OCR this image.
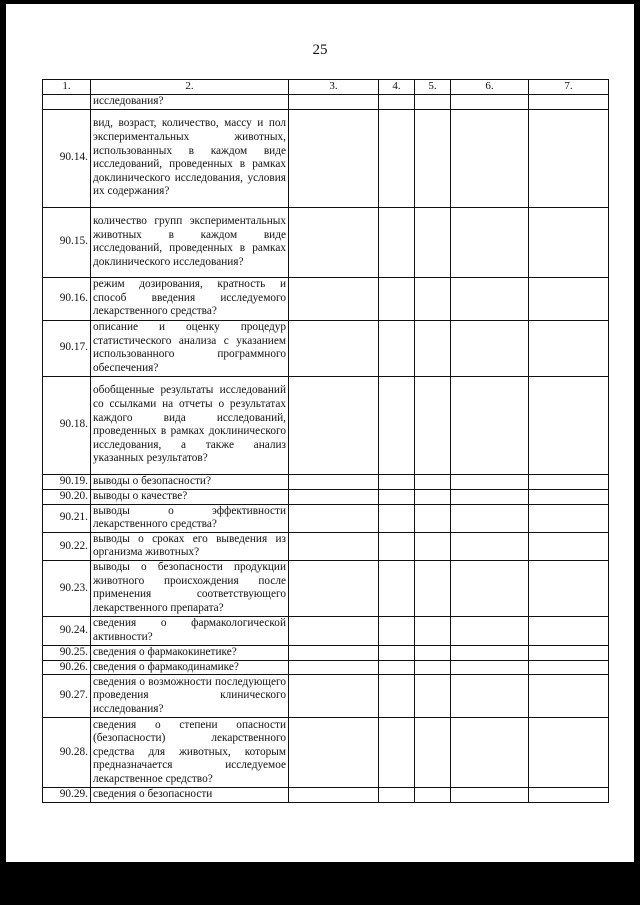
25
1.	2.	3.	4.	5.	6.	7.
	исследования?					
90.14.	вид, возраст, количество, массу и пол экспериментальных животных, использованных в каждом виде исследований, проведенных в рамках доклинического исследования, условия их содержания?					
90.15.	количество групп экспериментальных животных в каждом виде исследований, проведенных в рамках доклинического исследования?					
90.16.	режим дозирования, кратность и способ введения исследуемого лекарственного средства?					
90.17.	описание и оценку процедур статистического анализа с указанием использованного программного обеспечения?					
90.18.	обобщенные результаты исследований со ссылками на отчеты о результатах каждого вида исследований, проведенных в рамках доклинического исследования, а также анализ указанных результатов?					
90.19.	выводы о безопасности?					
90.20.	выводы о качестве?					
90.21.	выводы о эффективности лекарственного средства?					
90.22.	выводы о сроках его выведения из организма животных?					
90.23.	выводы о безопасности продукции животного происхождения после применения соответствующего лекарственного препарата?					
90.24.	сведения о фармакологической активности?					
90.25.	сведения о фармакокинетике?					
90.26.	сведения о фармакодинамике?					
90.27.	сведения о возможности последующего проведения клинического исследования?					
90.28.	сведения о степени опасности (безопасности) лекарственного средства для животных, которым предназначается исследуемое лекарственное средство?					
90.29.	сведения о безопасности					
